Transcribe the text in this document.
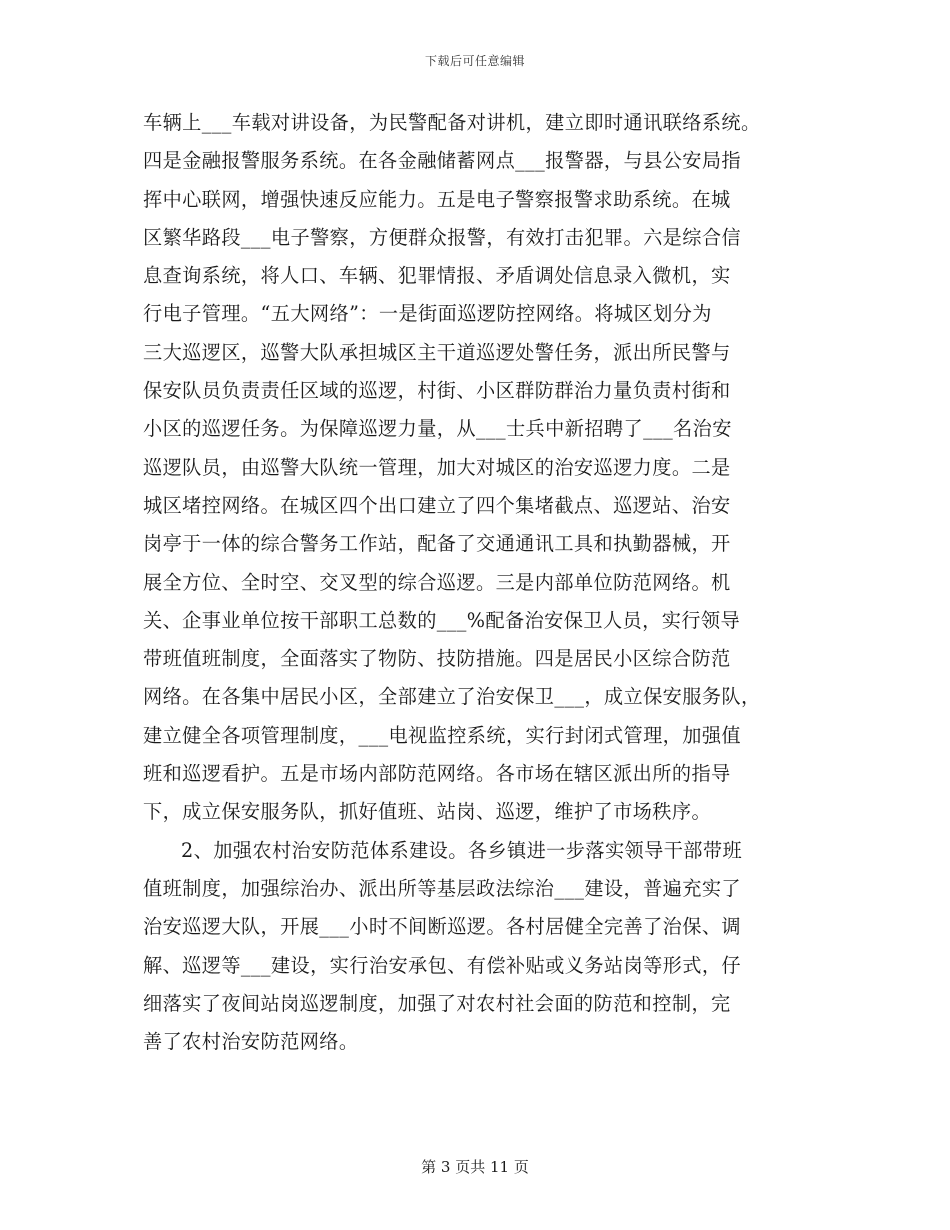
下载后可任意编辑
车辆上___车载对讲设备，为民警配备对讲机，建立即时通讯联络系统。
四是金融报警服务系统。在各金融储蓄网点___报警器，与县公安局指
挥中心联网，增强快速反应能力。五是电子警察报警求助系统。在城
区繁华路段___电子警察，方便群众报警，有效打击犯罪。六是综合信
息查询系统，将人口、车辆、犯罪情报、矛盾调处信息录入微机，实
行电子管理。“五大网络”：一是街面巡逻防控网络。将城区划分为
三大巡逻区，巡警大队承担城区主干道巡逻处警任务，派出所民警与
保安队员负责责任区域的巡逻，村街、小区群防群治力量负责村街和
小区的巡逻任务。为保障巡逻力量，从___士兵中新招聘了___名治安
巡逻队员，由巡警大队统一管理，加大对城区的治安巡逻力度。二是
城区堵控网络。在城区四个出口建立了四个集堵截点、巡逻站、治安
岗亭于一体的综合警务工作站，配备了交通通讯工具和执勤器械，开
展全方位、全时空、交叉型的综合巡逻。三是内部单位防范网络。机
关、企事业单位按干部职工总数的___%配备治安保卫人员，实行领导
带班值班制度，全面落实了物防、技防措施。四是居民小区综合防范
网络。在各集中居民小区，全部建立了治安保卫___，成立保安服务队，
建立健全各项管理制度，___电视监控系统，实行封闭式管理，加强值
班和巡逻看护。五是市场内部防范网络。各市场在辖区派出所的指导
下，成立保安服务队，抓好值班、站岗、巡逻，维护了市场秩序。
2、加强农村治安防范体系建设。各乡镇进一步落实领导干部带班
值班制度，加强综治办、派出所等基层政法综治___建设，普遍充实了
治安巡逻大队，开展___小时不间断巡逻。各村居健全完善了治保、调
解、巡逻等___建设，实行治安承包、有偿补贴或义务站岗等形式，仔
细落实了夜间站岗巡逻制度，加强了对农村社会面的防范和控制，完
善了农村治安防范网络。
第 3 页共 11 页
